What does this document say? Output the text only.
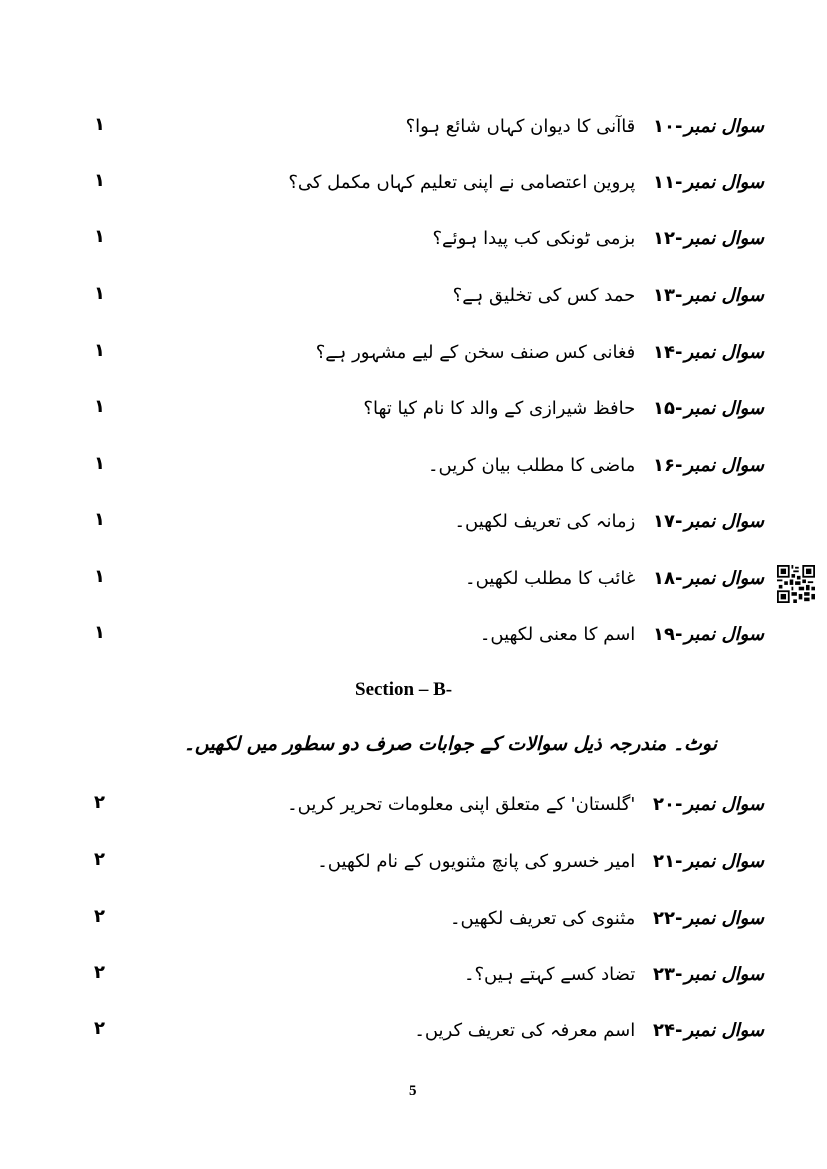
۱	سوال نمبر-۱۰ قاآنی کا دیوان کہاں شائع ہوا؟
۱	سوال نمبر-۱۱ پروین اعتصامی نے اپنی تعلیم کہاں مکمل کی؟
۱	سوال نمبر-۱۲ بزمی ٹونکی کب پیدا ہوئے؟
۱	سوال نمبر-۱۳ حمد کس کی تخلیق ہے؟
۱	سوال نمبر-۱۴ فغانی کس صنف سخن کے لیے مشہور ہے؟
۱	سوال نمبر-۱۵ حافظ شیرازی کے والد کا نام کیا تھا؟
۱	سوال نمبر-۱۶ ماضی کا مطلب بیان کریں۔
۱	سوال نمبر-۱۷ زمانہ کی تعریف لکھیں۔
۱	سوال نمبر-۱۸ غائب کا مطلب لکھیں۔
۱	سوال نمبر-۱۹ اسم کا معنی لکھیں۔
۲	سوال نمبر-۲۰ 'گلستان' کے متعلق اپنی معلومات تحریر کریں۔
۲	سوال نمبر-۲۱ امیر خسرو کی پانچ مثنویوں کے نام لکھیں۔
۲	سوال نمبر-۲۲ مثنوی کی تعریف لکھیں۔
۲	سوال نمبر-۲۳ تضاد کسے کہتے ہیں؟۔
۲	سوال نمبر-۲۴ اسم معرفہ کی تعریف کریں۔
Section – B-
نوٹ۔ مندرجہ ذیل سوالات کے جوابات صرف دو سطور میں لکھیں۔
5
